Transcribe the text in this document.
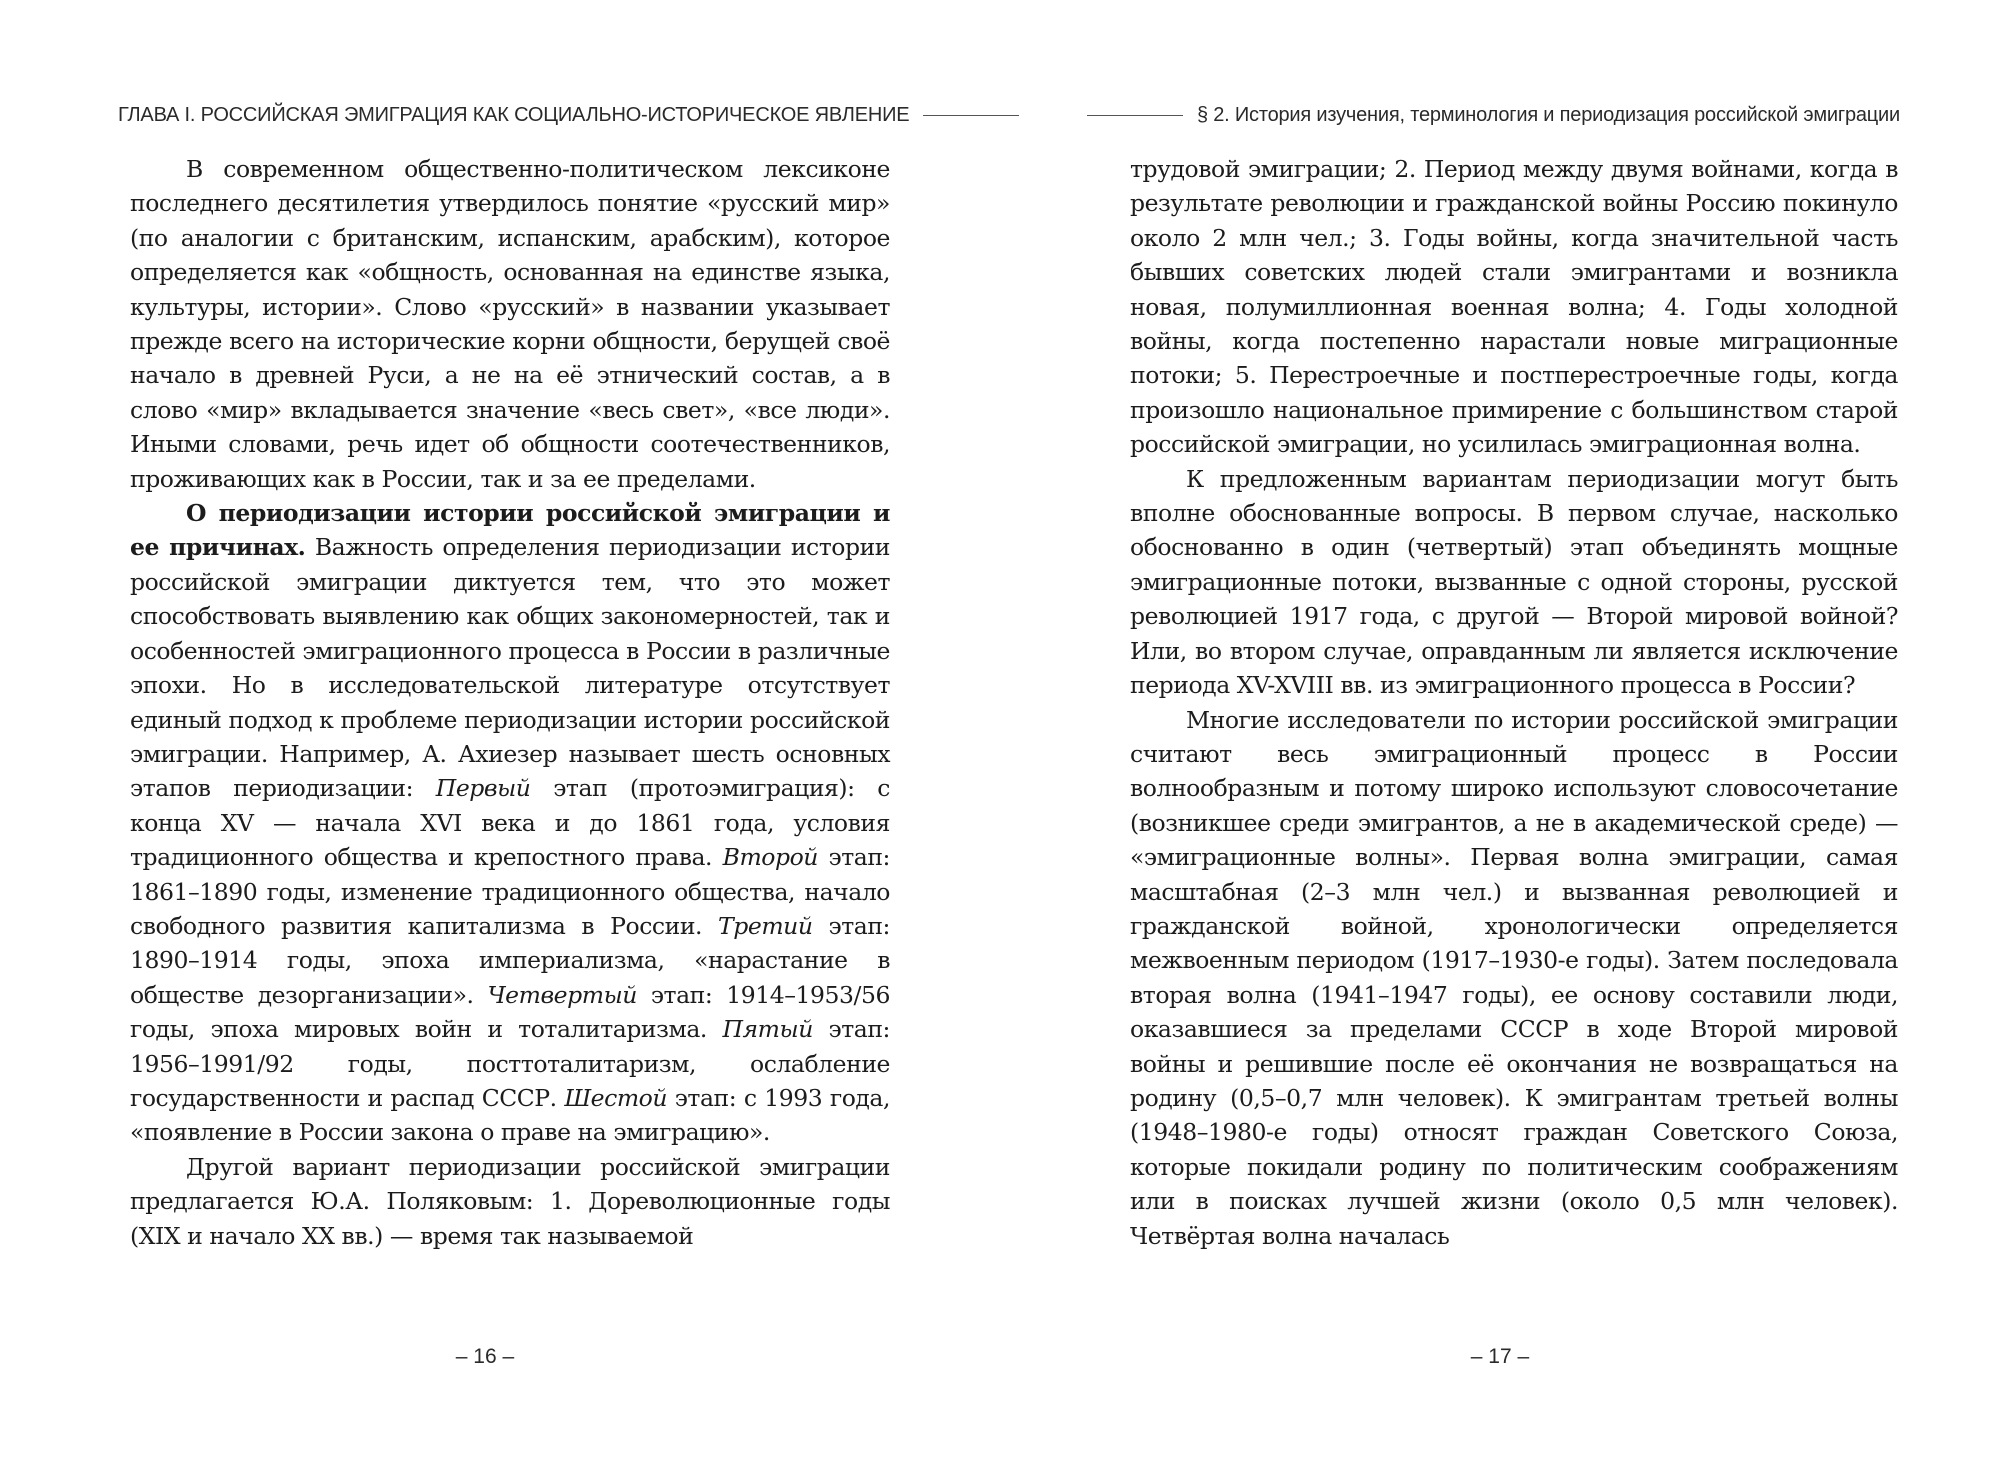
ГЛАВА I. РОССИЙСКАЯ ЭМИГРАЦИЯ КАК СОЦИАЛЬНО-ИСТОРИЧЕСКОЕ ЯВЛЕНИЕ

В современном общественно-политическом лексиконе последнего десятилетия утвердилось понятие «русский мир» (по аналогии с британским, испанским, арабским), которое определяется как «общность, основанная на единстве языка, культуры, истории». Слово «русский» в названии указывает прежде всего на исторические корни общности, берущей своё начало в древней Руси, а не на её этнический состав, а в слово «мир» вкладывается значение «весь свет», «все люди». Иными словами, речь идет об общности соотечественников, проживающих как в России, так и за ее пределами.

О периодизации истории российской эмиграции и ее причинах. Важность определения периодизации истории российской эмиграции диктуется тем, что это может способствовать выявлению как общих закономерностей, так и особенностей эмиграционного процесса в России в различные эпохи. Но в исследовательской литературе отсутствует единый подход к проблеме периодизации истории российской эмиграции. Например, А. Ахиезер называет шесть основных этапов периодизации: Первый этап (протоэмиграция): с конца XV — начала XVI века и до 1861 года, условия традиционного общества и крепостного права. Второй этап: 1861–1890 годы, изменение традиционного общества, начало свободного развития капитализма в России. Третий этап: 1890–1914 годы, эпоха империализма, «нарастание в обществе дезорганизации». Четвертый этап: 1914–1953/56 годы, эпоха мировых войн и тоталитаризма. Пятый этап: 1956–1991/92 годы, посттоталитаризм, ослабление государственности и распад СССР. Шестой этап: с 1993 года, «появление в России закона о праве на эмиграцию».

Другой вариант периодизации российской эмиграции предлагается Ю.А. Поляковым: 1. Дореволюционные годы (XIX и начало XX вв.) — время так называемой

– 16 –
§ 2. История изучения, терминология и периодизация российской эмиграции

трудовой эмиграции; 2. Период между двумя войнами, когда в результате революции и гражданской войны Россию покинуло около 2 млн чел.; 3. Годы войны, когда значительной часть бывших советских людей стали эмигрантами и возникла новая, полумиллионная военная волна; 4. Годы холодной войны, когда постепенно нарастали новые миграционные потоки; 5. Перестроечные и постперестроечные годы, когда произошло национальное примирение с большинством старой российской эмиграции, но усилилась эмиграционная волна.

К предложенным вариантам периодизации могут быть вполне обоснованные вопросы. В первом случае, насколько обоснованно в один (четвертый) этап объединять мощные эмиграционные потоки, вызванные с одной стороны, русской революцией 1917 года, с другой — Второй мировой войной? Или, во втором случае, оправданным ли является исключение периода XV-XVIII вв. из эмиграционного процесса в России?

Многие исследователи по истории российской эмиграции считают весь эмиграционный процесс в России волнообразным и потому широко используют словосочетание (возникшее среди эмигрантов, а не в академической среде) — «эмиграционные волны». Первая волна эмиграции, самая масштабная (2–3 млн чел.) и вызванная революцией и гражданской войной, хронологически определяется межвоенным периодом (1917–1930-е годы). Затем последовала вторая волна (1941–1947 годы), ее основу составили люди, оказавшиеся за пределами СССР в ходе Второй мировой войны и решившие после её окончания не возвращаться на родину (0,5–0,7 млн человек). К эмигрантам третьей волны (1948–1980-е годы) относят граждан Советского Союза, которые покидали родину по политическим соображениям или в поисках лучшей жизни (около 0,5 млн человек). Четвёртая волна началась

– 17 –
